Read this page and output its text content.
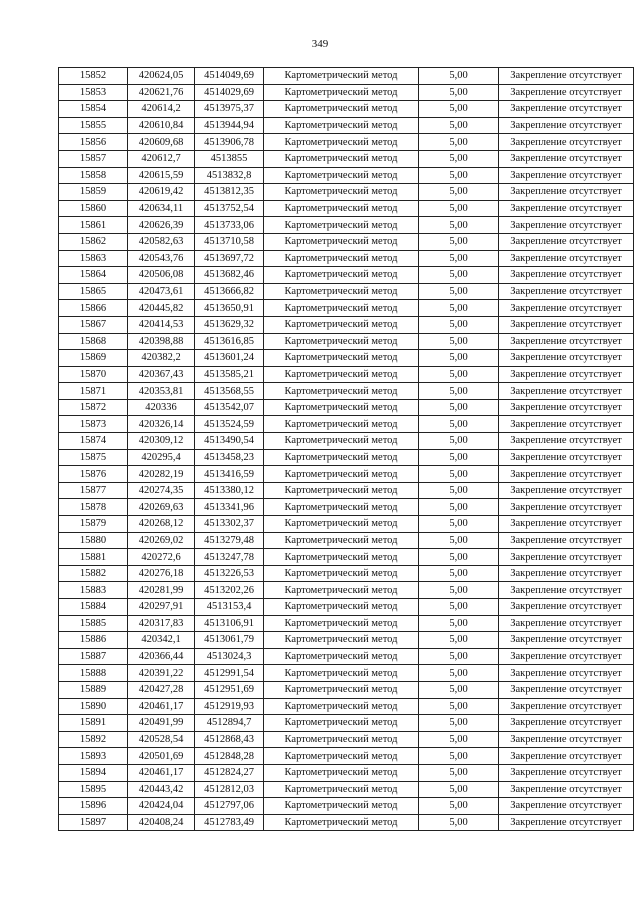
349
15852	420624,05	4514049,69	Картометрический метод	5,00	Закрепление отсутствует
15853	420621,76	4514029,69	Картометрический метод	5,00	Закрепление отсутствует
15854	420614,2	4513975,37	Картометрический метод	5,00	Закрепление отсутствует
15855	420610,84	4513944,94	Картометрический метод	5,00	Закрепление отсутствует
15856	420609,68	4513906,78	Картометрический метод	5,00	Закрепление отсутствует
15857	420612,7	4513855	Картометрический метод	5,00	Закрепление отсутствует
15858	420615,59	4513832,8	Картометрический метод	5,00	Закрепление отсутствует
15859	420619,42	4513812,35	Картометрический метод	5,00	Закрепление отсутствует
15860	420634,11	4513752,54	Картометрический метод	5,00	Закрепление отсутствует
15861	420626,39	4513733,06	Картометрический метод	5,00	Закрепление отсутствует
15862	420582,63	4513710,58	Картометрический метод	5,00	Закрепление отсутствует
15863	420543,76	4513697,72	Картометрический метод	5,00	Закрепление отсутствует
15864	420506,08	4513682,46	Картометрический метод	5,00	Закрепление отсутствует
15865	420473,61	4513666,82	Картометрический метод	5,00	Закрепление отсутствует
15866	420445,82	4513650,91	Картометрический метод	5,00	Закрепление отсутствует
15867	420414,53	4513629,32	Картометрический метод	5,00	Закрепление отсутствует
15868	420398,88	4513616,85	Картометрический метод	5,00	Закрепление отсутствует
15869	420382,2	4513601,24	Картометрический метод	5,00	Закрепление отсутствует
15870	420367,43	4513585,21	Картометрический метод	5,00	Закрепление отсутствует
15871	420353,81	4513568,55	Картометрический метод	5,00	Закрепление отсутствует
15872	420336	4513542,07	Картометрический метод	5,00	Закрепление отсутствует
15873	420326,14	4513524,59	Картометрический метод	5,00	Закрепление отсутствует
15874	420309,12	4513490,54	Картометрический метод	5,00	Закрепление отсутствует
15875	420295,4	4513458,23	Картометрический метод	5,00	Закрепление отсутствует
15876	420282,19	4513416,59	Картометрический метод	5,00	Закрепление отсутствует
15877	420274,35	4513380,12	Картометрический метод	5,00	Закрепление отсутствует
15878	420269,63	4513341,96	Картометрический метод	5,00	Закрепление отсутствует
15879	420268,12	4513302,37	Картометрический метод	5,00	Закрепление отсутствует
15880	420269,02	4513279,48	Картометрический метод	5,00	Закрепление отсутствует
15881	420272,6	4513247,78	Картометрический метод	5,00	Закрепление отсутствует
15882	420276,18	4513226,53	Картометрический метод	5,00	Закрепление отсутствует
15883	420281,99	4513202,26	Картометрический метод	5,00	Закрепление отсутствует
15884	420297,91	4513153,4	Картометрический метод	5,00	Закрепление отсутствует
15885	420317,83	4513106,91	Картометрический метод	5,00	Закрепление отсутствует
15886	420342,1	4513061,79	Картометрический метод	5,00	Закрепление отсутствует
15887	420366,44	4513024,3	Картометрический метод	5,00	Закрепление отсутствует
15888	420391,22	4512991,54	Картометрический метод	5,00	Закрепление отсутствует
15889	420427,28	4512951,69	Картометрический метод	5,00	Закрепление отсутствует
15890	420461,17	4512919,93	Картометрический метод	5,00	Закрепление отсутствует
15891	420491,99	4512894,7	Картометрический метод	5,00	Закрепление отсутствует
15892	420528,54	4512868,43	Картометрический метод	5,00	Закрепление отсутствует
15893	420501,69	4512848,28	Картометрический метод	5,00	Закрепление отсутствует
15894	420461,17	4512824,27	Картометрический метод	5,00	Закрепление отсутствует
15895	420443,42	4512812,03	Картометрический метод	5,00	Закрепление отсутствует
15896	420424,04	4512797,06	Картометрический метод	5,00	Закрепление отсутствует
15897	420408,24	4512783,49	Картометрический метод	5,00	Закрепление отсутствует
